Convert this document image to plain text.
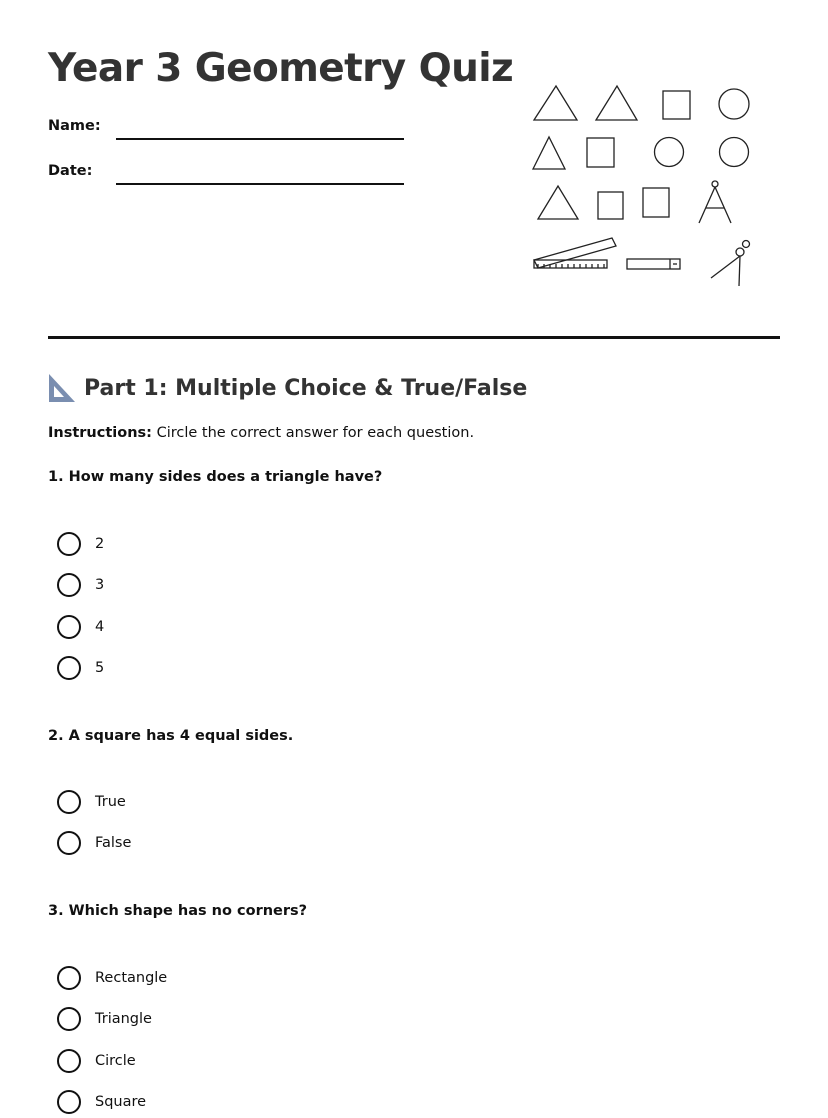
Year 3 Geometry Quiz
Name:
Date:
Part 1: Multiple Choice & True/False
Instructions: Circle the correct answer for each question.
1. How many sides does a triangle have?
2
3
4
5
2. A square has 4 equal sides.
True
False
3. Which shape has no corners?
Rectangle
Triangle
Circle
Square
